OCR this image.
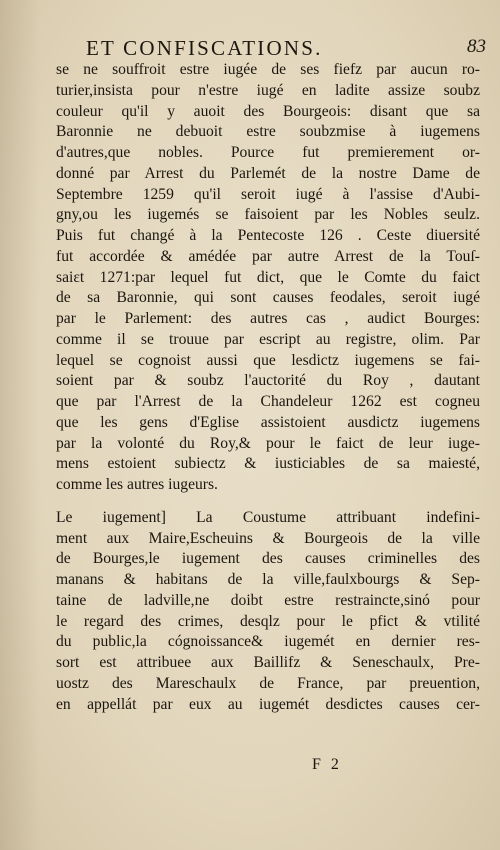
ET CONFISCATIONS.	83
se ne souffroit estre iugée de ses fiefz par aucun ro-
turier,insista pour n'estre iugé en ladite assize soubz
couleur qu'il y auoit des Bourgeois: disant que sa
Baronnie ne debuoit estre soubzmise à iugemens
d'autres,que nobles. Pource fut premierement or-
donné par Arrest du Parlemét de la nostre Dame de
Septembre 1259 qu'il seroit iugé à l'assise d'Aubi-
gny,ou les iugemés se faisoient par les Nobles seulz.
Puis fut changé à la Pentecoste 126 . Ceste diuersité
fut accordée & amédée par autre Arrest de la Touſ-
saiɛt 1271:par lequel fut dict, que le Comte du faict
de sa Baronnie, qui sont causes feodales, seroit iugé
par le Parlement: des autres cas , audict Bourges:
comme il se trouue par escript au registre, olim. Par
lequel se cognoist aussi que lesdictz iugemens se fai-
soient par & soubz l'auctorité du Roy , dautant
que par l'Arrest de la Chandeleur 1262 est cogneu
que les gens d'Eglise assistoient ausdictz iugemens
par la volonté du Roy,& pour le faict de leur iuge-
mens estoient subiectz & iusticiables de sa maiesté,
comme les autres iugeurs.
Le iugement] La Coustume attribuant indefini-
ment aux Maire,Escheuins & Bourgeois de la ville
de Bourges,le iugement des causes criminelles des
manans & habitans de la ville,faulxbourgs & Sep-
taine de ladville,ne doibt estre restraincte,sinó pour
le regard des crimes, desqlz pour le pfict & vtilité
du public,la cógnoissance& iugemét en dernier res-
sort est attribuee aux Baillifz & Seneschaulx, Pre-
uostz des Mareschaulx de France, par preuention,
en appellát par eux au iugemét desdictes causes cer-
F 2
